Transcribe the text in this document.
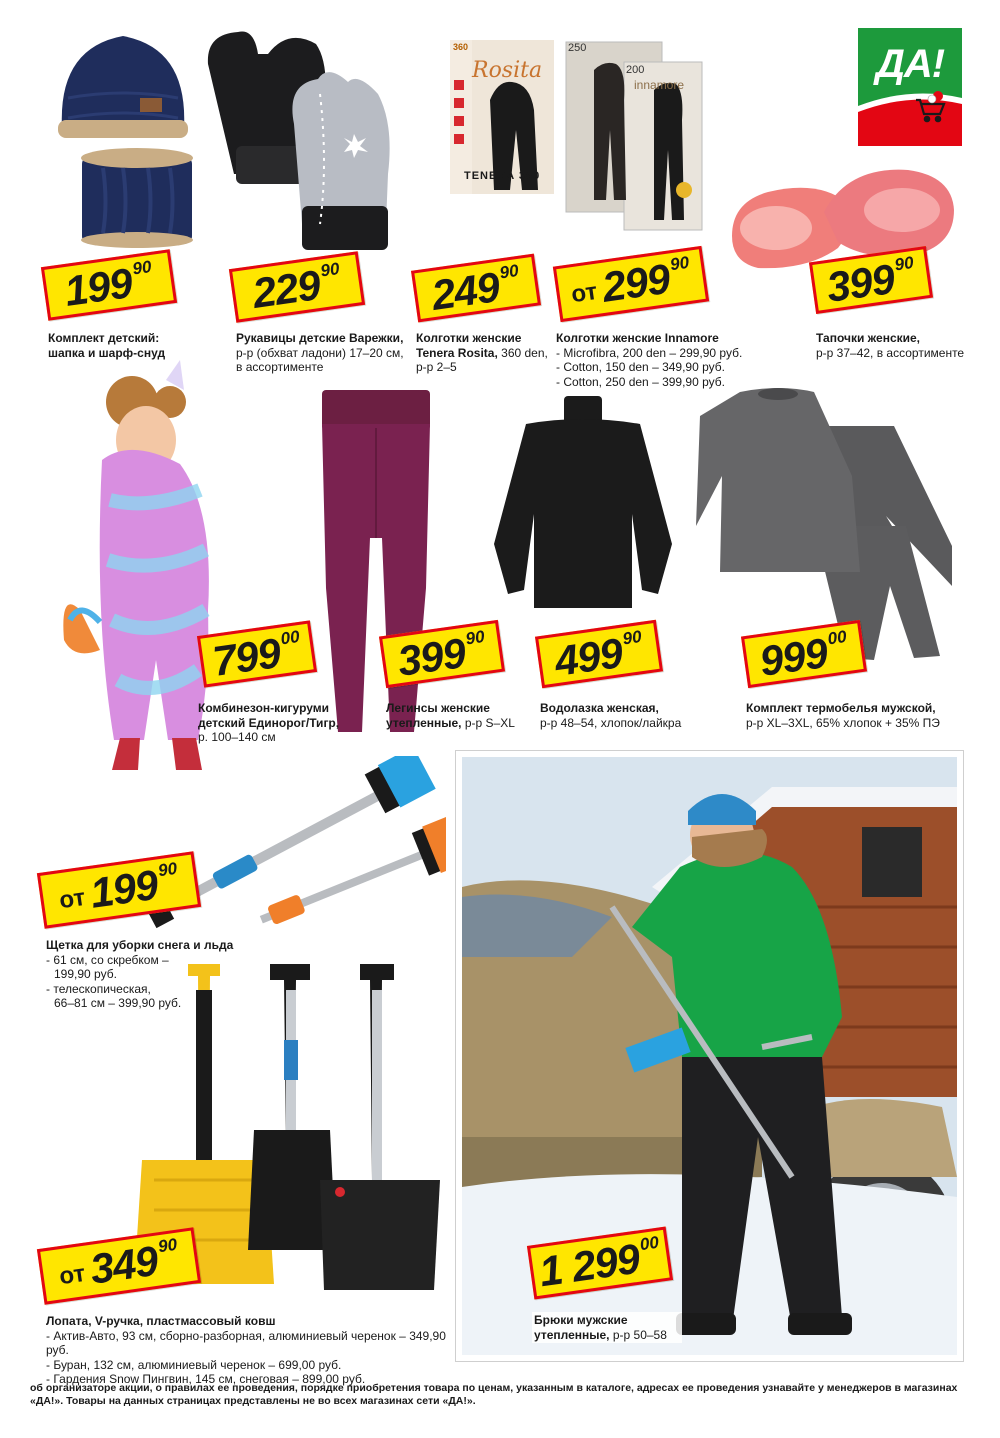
ДА!
360
Rosita
TENERA 360
250
200
innamore
199
90 229
90 249
90
от 299
90	399
90
799
00 399
90 499
90	999
00
от 199
90
от 349
90	1 299
00
Комплект детский: шапка и шарф-снуд
Рукавицы детские Варежки,
р-р (обхват ладони) 17–20 см,
в ассортименте
Колготки женские
Tenera Rosita, 360 den,
р-р 2–5
Колготки женские Innamore
- Microfibra, 200 den – 299,90 руб.
- Cotton, 150 den – 349,90 руб.
- Cotton, 250 den – 399,90 руб.
Тапочки женские,
р-р 37–42, в ассортименте
Комбинезон-кигуруми детский Единорог/Тигр,
р. 100–140 см
Легинсы женские
утепленные, р-р S–XL
Водолазка женская,
р-р 48–54, хлопок/лайкра
Комплект термобелья мужской,
р-р XL–3XL, 65% хлопок + 35% ПЭ
Щетка для уборки снега и льда
- 61 см, со скребком –
199,90 руб.
- телескопическая,
66–81 см – 399,90 руб.
Лопата, V-ручка, пластмассовый ковш
- Актив-Авто, 93 см, сборно-разборная, алюминиевый черенок – 349,90 руб.
- Буран, 132 см, алюминиевый черенок – 699,00 руб.
- Гардения Snow Пингвин, 145 см, снеговая – 899,00 руб.
Брюки мужские
утепленные, р-р 50–58
об организаторе акции, о правилах ее проведения, порядке приобретения товара по ценам, указанным в каталоге, адресах ее проведения узнавайте у менеджеров в магазинах «ДА!». Товары на данных страницах представлены не во всех магазинах сети «ДА!».
